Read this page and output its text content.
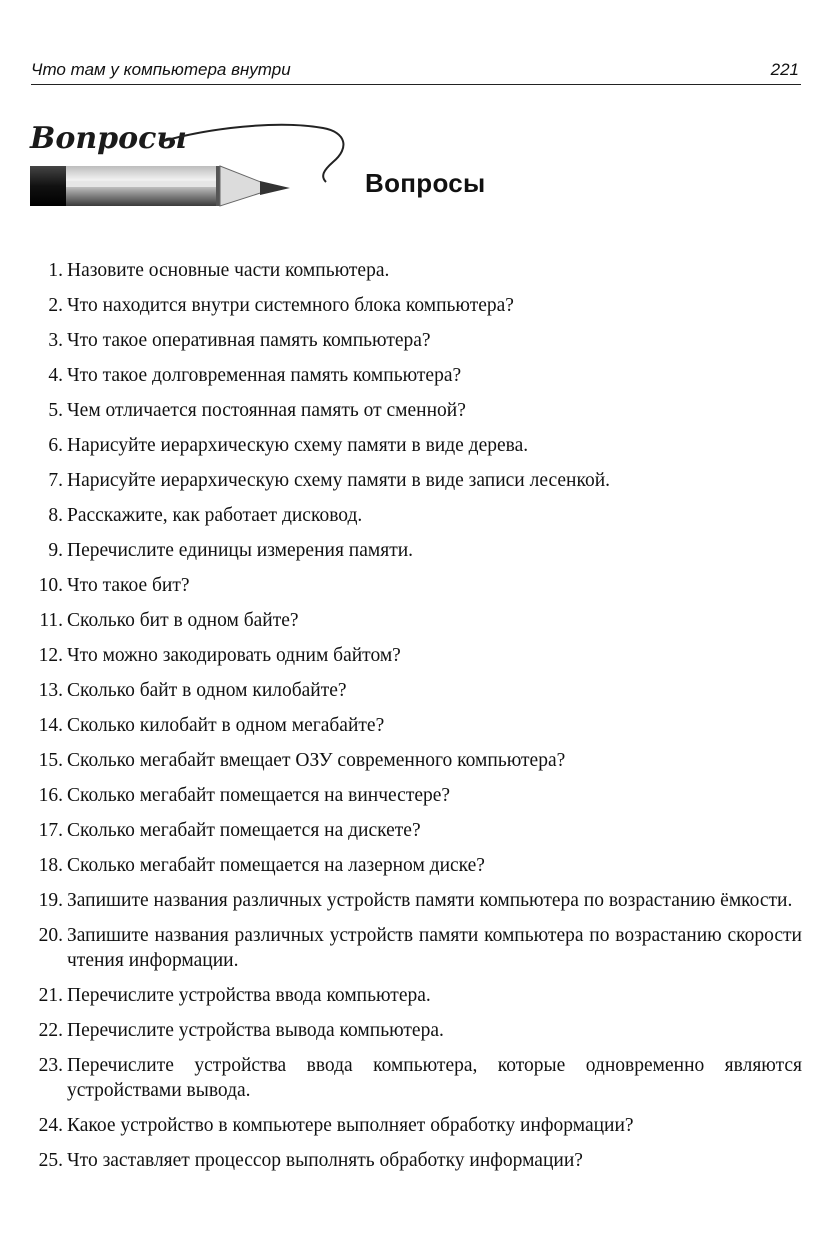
Что там у компьютера внутри	221
Вопросы
Вопросы
1. Назовите основные части компьютера.
2. Что находится внутри системного блока компьютера?
3. Что такое оперативная память компьютера?
4. Что такое долговременная память компьютера?
5. Чем отличается постоянная память от сменной?
6. Нарисуйте иерархическую схему памяти в виде дерева.
7. Нарисуйте иерархическую схему памяти в виде записи лесенкой.
8. Расскажите, как работает дисковод.
9. Перечислите единицы измерения памяти.
10. Что такое бит?
11. Сколько бит в одном байте?
12. Что можно закодировать одним байтом?
13. Сколько байт в одном килобайте?
14. Сколько килобайт в одном мегабайте?
15. Сколько мегабайт вмещает ОЗУ современного компьютера?
16. Сколько мегабайт помещается на винчестере?
17. Сколько мегабайт помещается на дискете?
18. Сколько мегабайт помещается на лазерном диске?
19. Запишите названия различных устройств памяти компьютера по возрастанию ёмкости.
20. Запишите названия различных устройств памяти компьютера по возрастанию скорости чтения информации.
21. Перечислите устройства ввода компьютера.
22. Перечислите устройства вывода компьютера.
23. Перечислите устройства ввода компьютера, которые одновременно являются устройствами вывода.
24. Какое устройство в компьютере выполняет обработку информации?
25. Что заставляет процессор выполнять обработку информации?
